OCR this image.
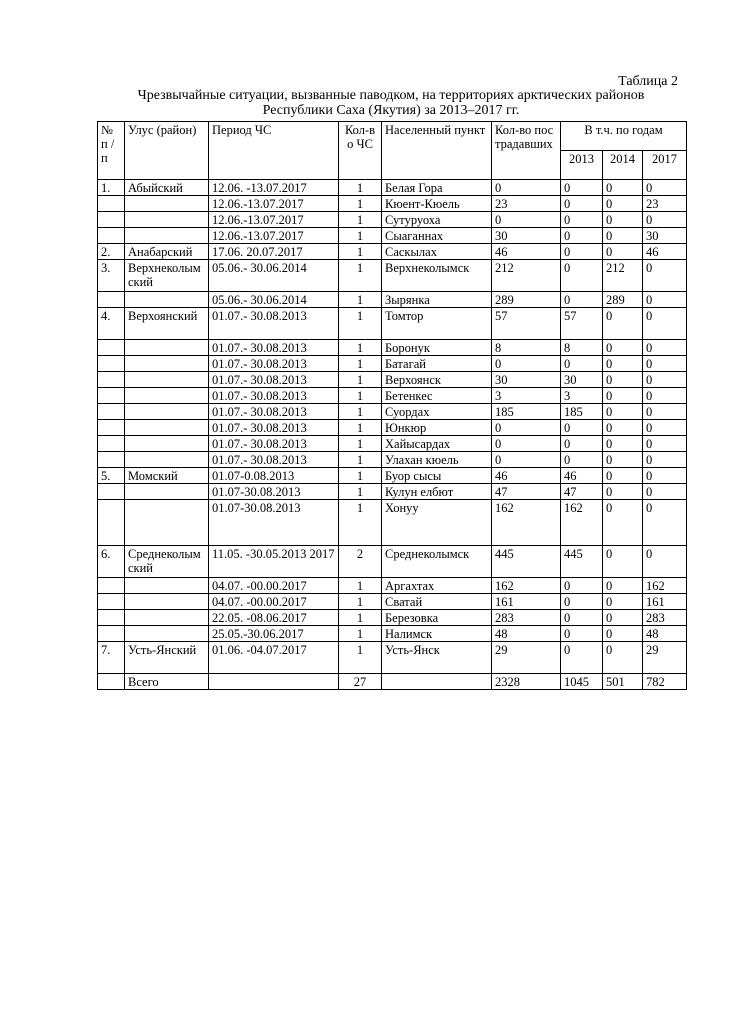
Таблица 2
Чрезвычайные ситуации, вызванные паводком, на территориях арктических районов
Республики Саха (Якутия) за 2013–2017 гг.
№ п / п	Улус (район)	Период ЧС	Кол-во ЧС	Населенный пункт	Кол-во пострадавших	В т.ч. по годам		
						2013	2014	2017
1.	Абыйский	12.06. -13.07.2017	1	Белая Гора	0	0	0	0
		12.06.-13.07.2017	1	Кюент-Кюель	23	0	0	23
		12.06.-13.07.2017	1	Сутуруоха	0	0	0	0
		12.06.-13.07.2017	1	Сыаганнах	30	0	0	30
2.	Анабарский	17.06. 20.07.2017	1	Саскылах	46	0	0	46
3.	Верхнеколымский	05.06.- 30.06.2014	1	Верхнеколымск	212	0	212	0
		05.06.- 30.06.2014	1	Зырянка	289	0	289	0
4.	Верхоянский	01.07.- 30.08.2013	1	Томтор	57	57	0	0
		01.07.- 30.08.2013	1	Боронук	8	8	0	0
		01.07.- 30.08.2013	1	Батагай	0	0	0	0
		01.07.- 30.08.2013	1	Верхоянск	30	30	0	0
		01.07.- 30.08.2013	1	Бетенкес	3	3	0	0
		01.07.- 30.08.2013	1	Суордах	185	185	0	0
		01.07.- 30.08.2013	1	Юнкюр	0	0	0	0
		01.07.- 30.08.2013	1	Хайысардах	0	0	0	0
		01.07.- 30.08.2013	1	Улахан кюель	0	0	0	0
5.	Момский	01.07-0.08.2013	1	Буор сысы	46	46	0	0
		01.07-30.08.2013	1	Кулун елбют	47	47	0	0
		01.07-30.08.2013	1	Хонуу	162	162	0	0
6.	Среднеколымский	11.05. -30.05.2013 2017	2	Среднеколымск	445	445	0	0
		04.07. -00.00.2017	1	Аргахтах	162	0	0	162
		04.07. -00.00.2017	1	Сватай	161	0	0	161
		22.05. -08.06.2017	1	Березовка	283	0	0	283
		25.05.-30.06.2017	1	Налимск	48	0	0	48
7.	Усть-Янский	01.06. -04.07.2017	1	Усть-Янск	29	0	0	29
	Всего		27		2328	1045	501	782
